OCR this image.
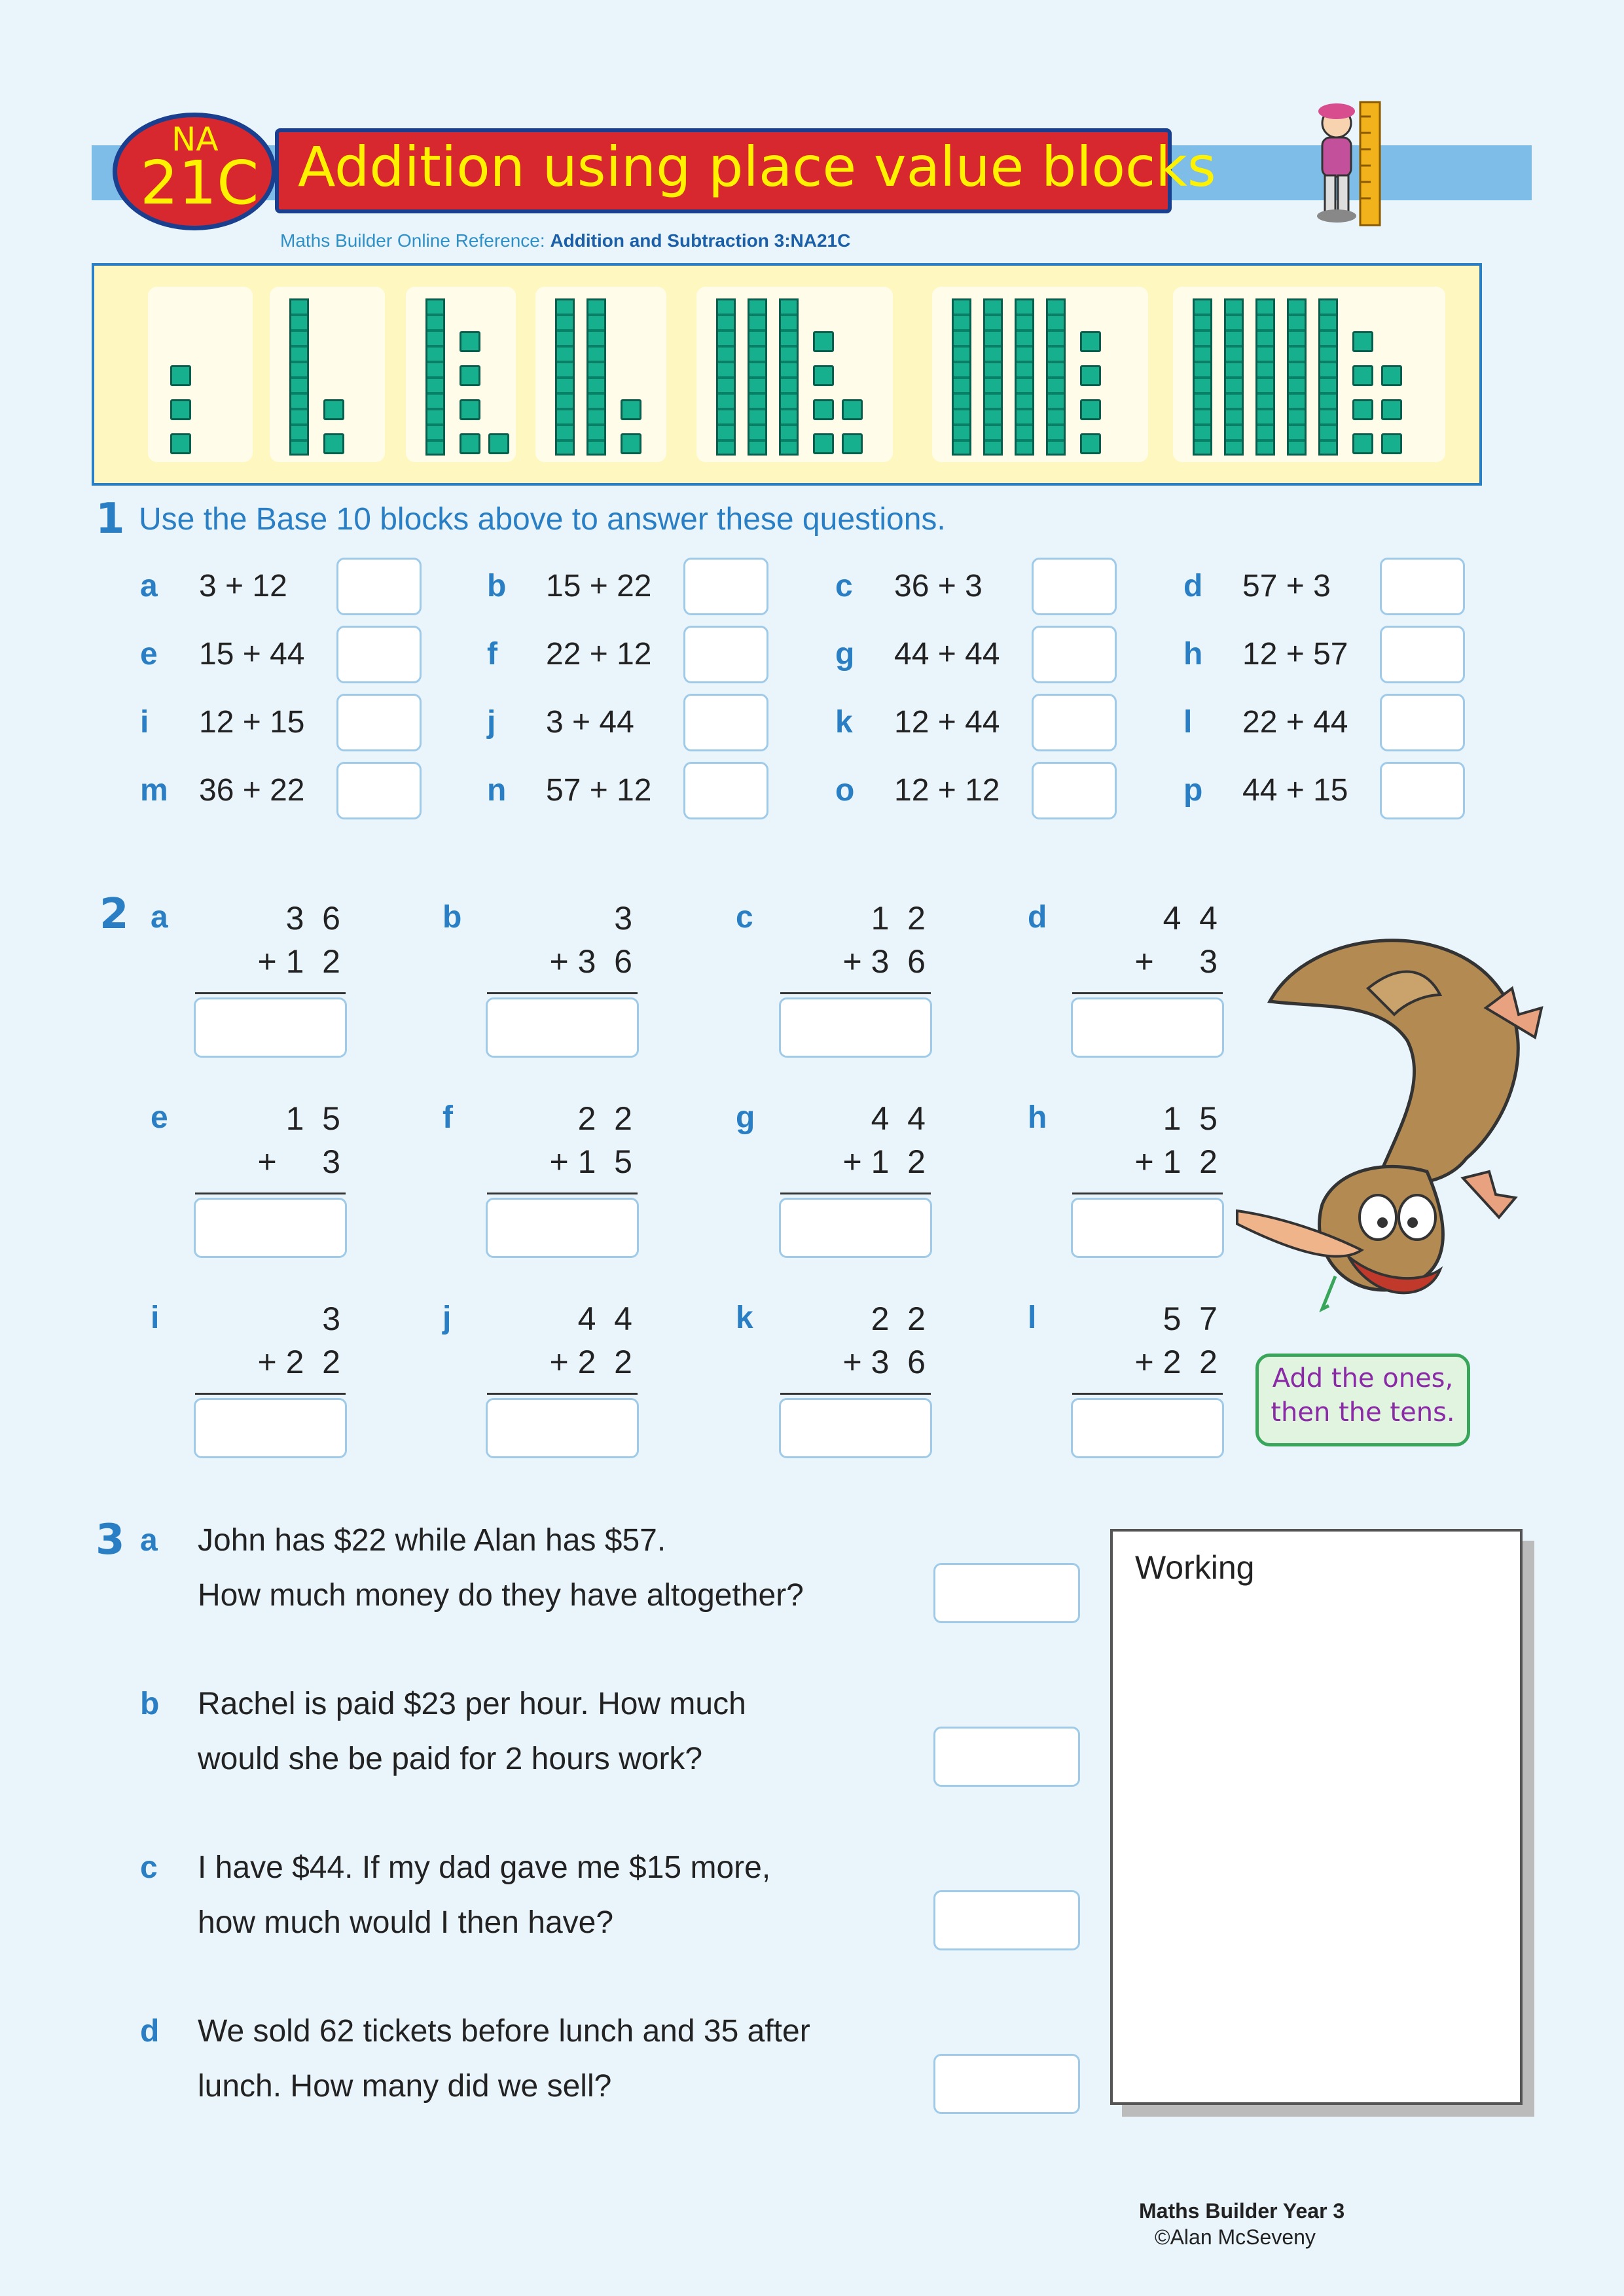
Addition using place value blocks
NA
21C
Maths Builder Online Reference: Addition and Subtraction 3:NA21C
1 Use the Base 10 blocks above to answer these questions.
a 3 + 12	b 15 + 22	c 36 + 3	d 57 + 3
e 15 + 44	f 22 + 12	g 44 + 44	h 12 + 57
i 12 + 15	j 3 + 44	k 12 + 44	l 22 + 44
m 36 + 22	n 57 + 12	o 12 + 12	p 44 + 15
2 a	3  6
+ 1  2
b	3
+ 3  6
c	1  2
+ 3  6
d	4  4
+     3
e	1  5
+     3
f	2  2
+ 1  5
g	4  4
+ 1  2
h	1  5
+ 1  2
i	3
+ 2  2
j	4  4
+ 2  2
k	2  2
+ 3  6
l	5  7
+ 2  2	Add the ones,
then the tens.
3 a John has $22 while Alan has $57.
How much money do they have altogether?
b Rachel is paid $23 per hour. How much
would she be paid for 2 hours work?
c I have $44. If my dad gave me $15 more,
how much would I then have?
d We sold 62 tickets before lunch and 35 after
lunch. How many did we sell?
Working
Maths Builder Year 3
©Alan McSeveny
